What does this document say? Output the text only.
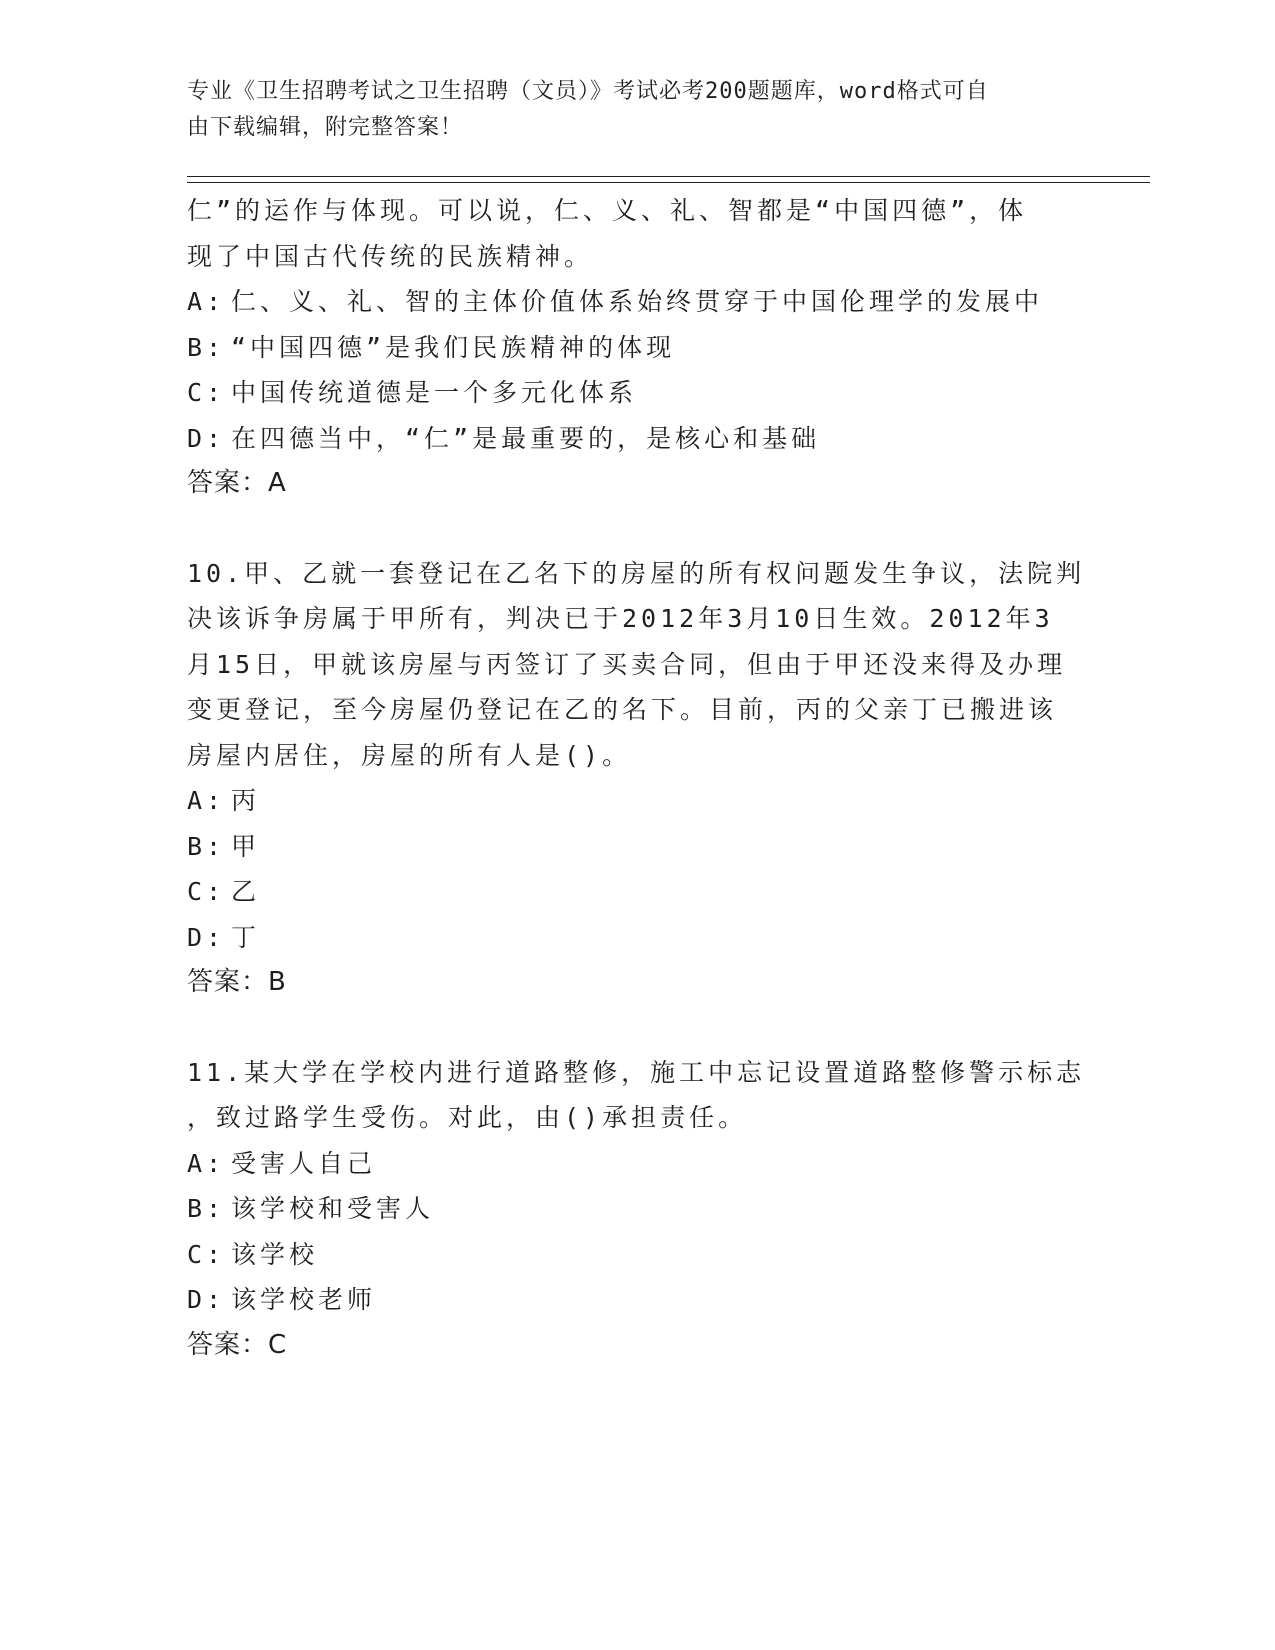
专业《卫生招聘考试之卫生招聘（文员）》考试必考200题题库，word格式可自
由下载编辑，附完整答案！

仁”的运作与体现。可以说，仁、义、礼、智都是“中国四德”，体

现了中国古代传统的民族精神。

A: 仁、义、礼、智的主体价值体系始终贯穿于中国伦理学的发展中

B: “中国四德”是我们民族精神的体现

C: 中国传统道德是一个多元化体系

D: 在四德当中，“仁”是最重要的，是核心和基础

答案：A

10.甲、乙就一套登记在乙名下的房屋的所有权问题发生争议，法院判

决该诉争房属于甲所有，判决已于2012年3月10日生效。2012年3

月15日，甲就该房屋与丙签订了买卖合同，但由于甲还没来得及办理

变更登记，至今房屋仍登记在乙的名下。目前，丙的父亲丁已搬进该

房屋内居住，房屋的所有人是()。

A: 丙

B: 甲

C: 乙

D: 丁

答案：B

11.某大学在学校内进行道路整修，施工中忘记设置道路整修警示标志

，致过路学生受伤。对此，由()承担责任。

A: 受害人自己

B: 该学校和受害人

C: 该学校

D: 该学校老师

答案：C
